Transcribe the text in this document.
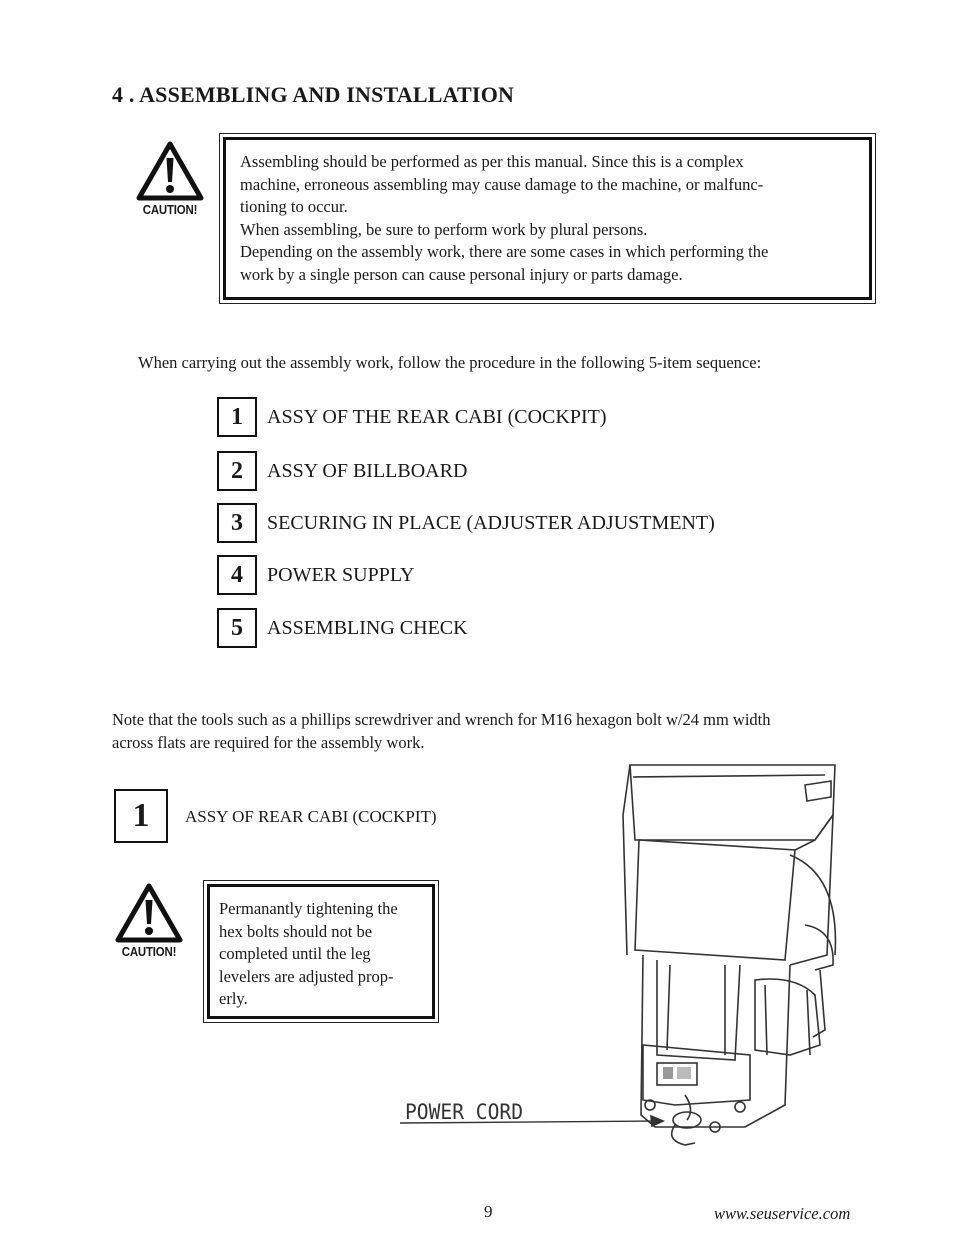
4 . ASSEMBLING AND INSTALLATION
CAUTION!
Assembling should be performed as per this manual. Since this is a complex
machine, erroneous assembling may cause damage to the machine, or malfunc-
tioning to occur.
When assembling, be sure to perform work by plural persons.
Depending on the assembly work, there are some cases in which performing the
work by a single person can cause personal injury or parts damage.
When carrying out the assembly work, follow the procedure in the following 5-item sequence:
1	ASSY OF THE REAR CABI (COCKPIT)
2	ASSY OF BILLBOARD
3	SECURING IN PLACE (ADJUSTER ADJUSTMENT)
4	POWER SUPPLY
5	ASSEMBLING CHECK
Note that the tools such as a phillips screwdriver and wrench for M16 hexagon bolt w/24 mm width
across flats are required for the assembly work.
1	ASSY OF REAR CABI (COCKPIT)
CAUTION!
Permanantly tightening the
hex bolts should not be
completed until the leg
levelers are adjusted prop-
erly.
POWER CORD
9	www.seuservice.com
